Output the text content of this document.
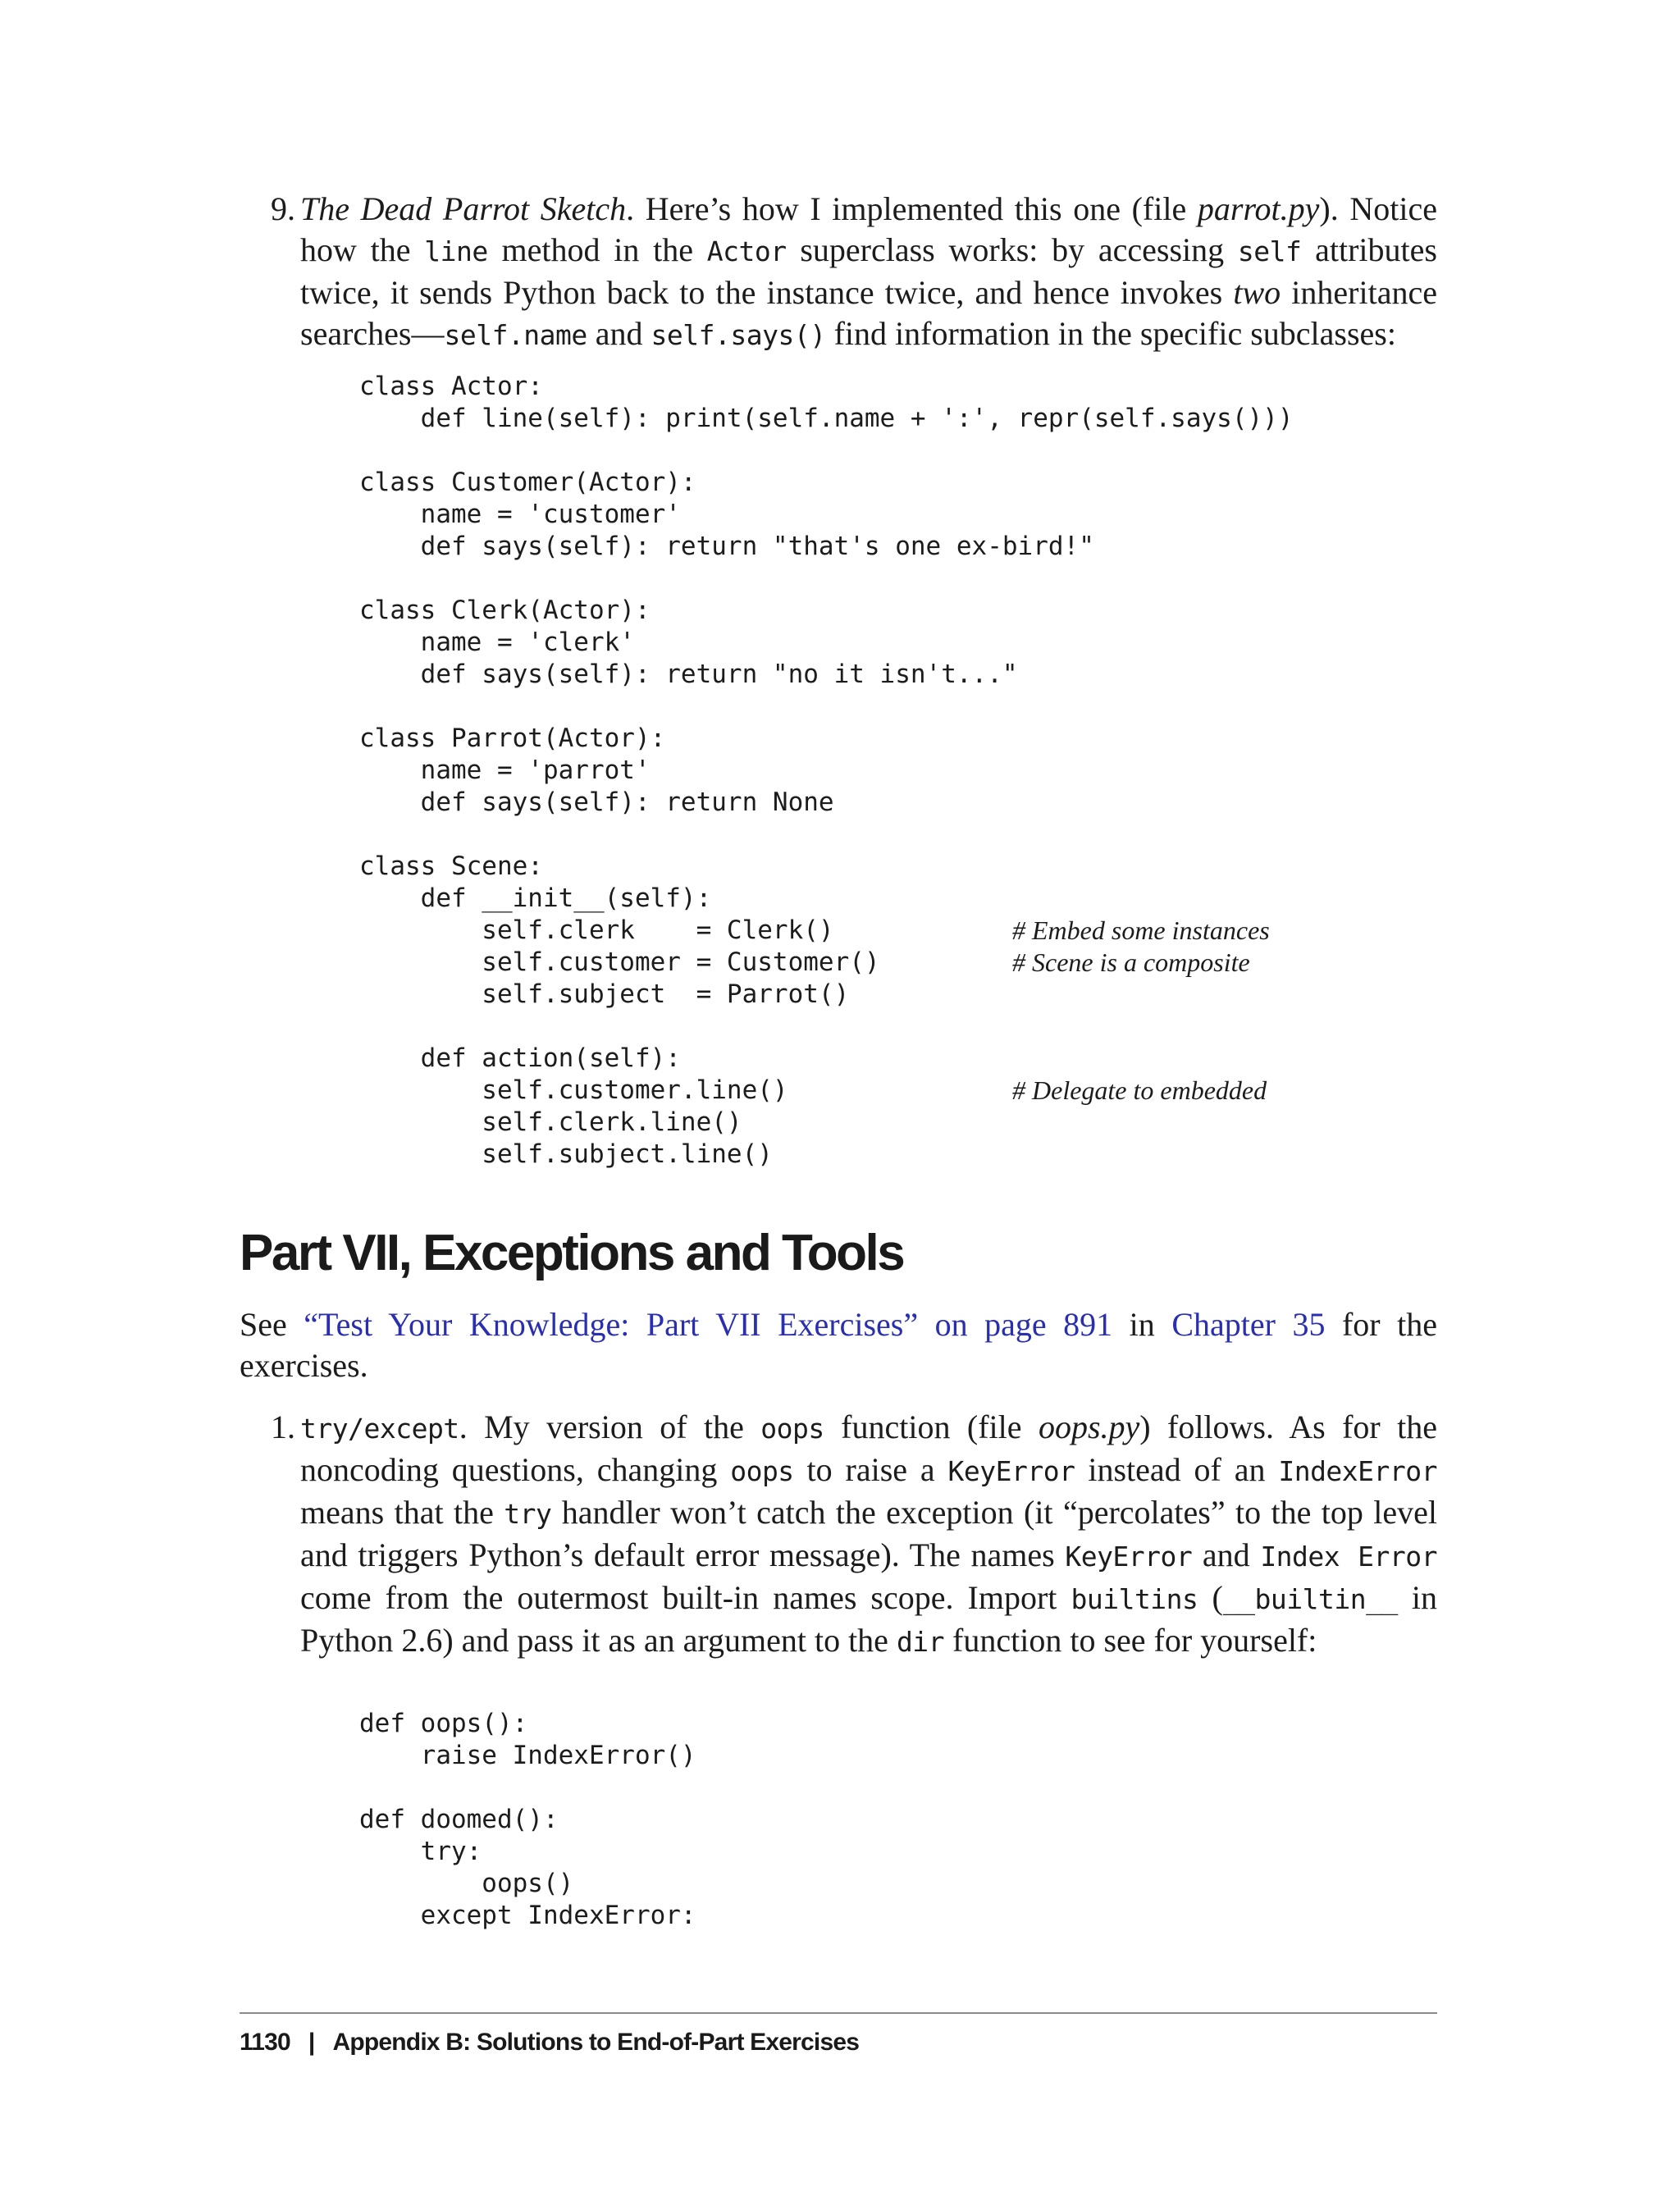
9. The Dead Parrot Sketch. Here’s how I implemented this one (file parrot.py). Notice how the line method in the Actor superclass works: by accessing self attributes twice, it sends Python back to the instance twice, and hence invokes two inheritance searches—self.name and self.says() find information in the specific subclasses:

class Actor:
def line(self): print(self.name + ':', repr(self.says()))
class Customer(Actor):
name = 'customer'
def says(self): return "that's one ex-bird!"
class Clerk(Actor):
name = 'clerk'
def says(self): return "no it isn't..."
class Parrot(Actor):
name = 'parrot'
def says(self): return None
class Scene:
def __init__(self):
self.clerk    = Clerk()	# Embed some instances
self.customer = Customer()	# Scene is a composite
self.subject  = Parrot()
def action(self):
self.customer.line()	# Delegate to embedded
self.clerk.line()
self.subject.line()
Part VII, Exceptions and Tools

See “Test Your Knowledge: Part VII Exercises” on page 891 in Chapter 35 for the exercises.

1. try/except. My version of the oops function (file oops.py) follows. As for the noncoding questions, changing oops to raise a KeyError instead of an IndexError means that the try handler won’t catch the exception (it “percolates” to the top level and triggers Python’s default error message). The names KeyError and Index Error come from the outermost built-in names scope. Import builtins (__builtin__ in Python 2.6) and pass it as an argument to the dir function to see for yourself:

def oops():
raise IndexError()
def doomed():
try:
oops()
except IndexError:
1130 | Appendix B: Solutions to End-of-Part Exercises
